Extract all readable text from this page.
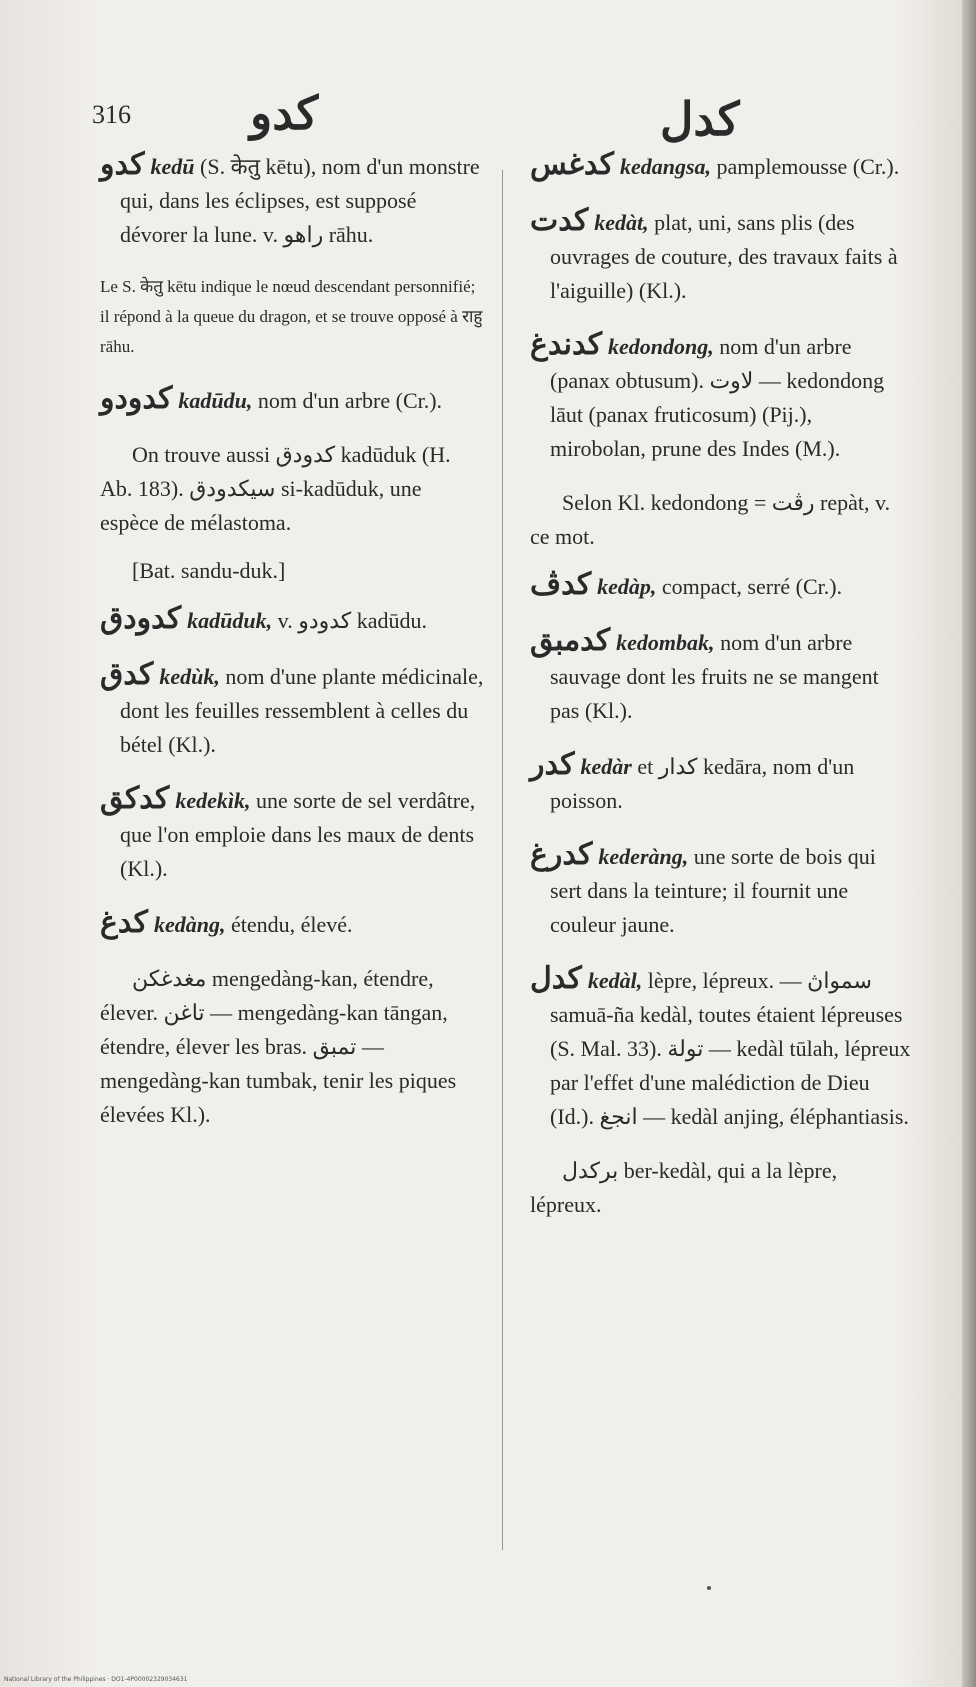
316	كدو	كدل
كدو kedū (S. केतु kētu), nom d'un monstre qui, dans les éclipses, est supposé dévorer la lune. v. راهو rāhu.
Le S. केतु kētu indique le nœud descendant personnifié; il répond à la queue du dragon, et se trouve opposé à राहु rāhu.
كدودو kadūdu, nom d'un arbre (Cr.).
On trouve aussi كدودق kadūduk (H. Ab. 183). سيكدودق si-kadūduk, une espèce de mélastoma.
[Bat. sandu-duk.]
كدودق kadūduk, v. كدودو kadūdu.
كدق kedùk, nom d'une plante médicinale, dont les feuilles ressemblent à celles du bétel (Kl.).
كدكق kedekìk, une sorte de sel verdâtre, que l'on emploie dans les maux de dents (Kl.).
كدغ kedàng, étendu, élevé.
مغدغكن mengedàng-kan, étendre, élever. تاغن — mengedàng-kan tāngan, étendre, élever les bras. تمبق — mengedàng-kan tumbak, tenir les piques élevées Kl.).
كدغس kedangsa, pamplemousse (Cr.).
كدت kedàt, plat, uni, sans plis (des ouvrages de couture, des travaux faits à l'aiguille) (Kl.).
كدندغ kedondong, nom d'un arbre (panax obtusum). لاوت — kedondong lāut (panax fruticosum) (Pij.), mirobolan, prune des Indes (M.).
Selon Kl. kedondong = رڤت repàt, v. ce mot.
كدڤ kedàp, compact, serré (Cr.).
كدمبق kedombak, nom d'un arbre sauvage dont les fruits ne se mangent pas (Kl.).
كدر kedàr et كدار kedāra, nom d'un poisson.
كدرغ kederàng, une sorte de bois qui sert dans la teinture; il fournit une couleur jaune.
كدل kedàl, lèpre, lépreux. — سمواڽ samuā-ña kedàl, toutes étaient lépreuses (S. Mal. 33). تولة — kedàl tūlah, lépreux par l'effet d'une malédiction de Dieu (Id.). انجغ — kedàl anjing, éléphantiasis.
بركدل ber-kedàl, qui a la lèpre, lépreux.
National Library of the Philippines · DO1-4P00002329034631
